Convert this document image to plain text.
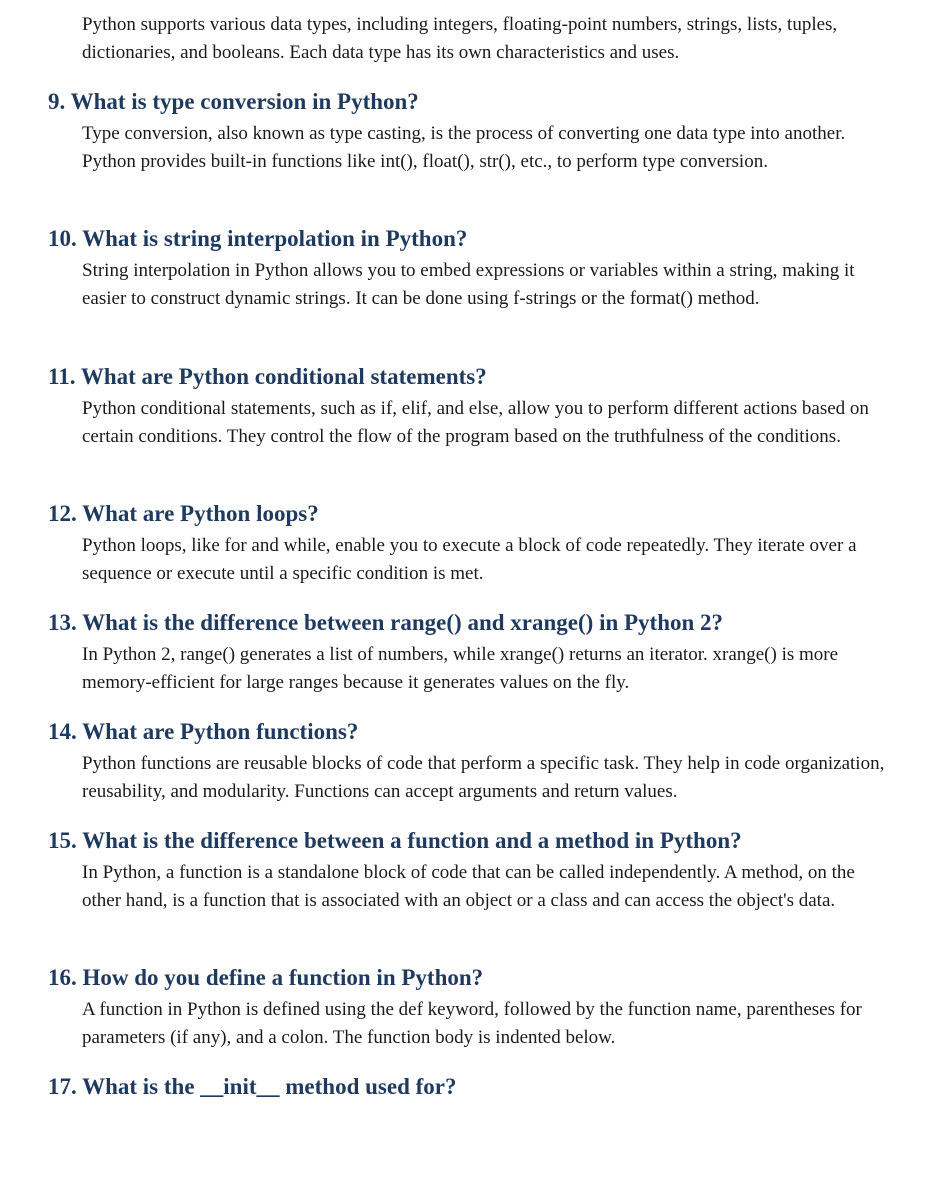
Python supports various data types, including integers, floating-point numbers, strings, lists, tuples, dictionaries, and booleans. Each data type has its own characteristics and uses.

9. What is type conversion in Python?

Type conversion, also known as type casting, is the process of converting one data type into another. Python provides built-in functions like int(), float(), str(), etc., to perform type conversion.

10. What is string interpolation in Python?

String interpolation in Python allows you to embed expressions or variables within a string, making it easier to construct dynamic strings. It can be done using f-strings or the format() method.

11. What are Python conditional statements?

Python conditional statements, such as if, elif, and else, allow you to perform different actions based on certain conditions. They control the flow of the program based on the truthfulness of the conditions.

12. What are Python loops?

Python loops, like for and while, enable you to execute a block of code repeatedly. They iterate over a sequence or execute until a specific condition is met.

13. What is the difference between range() and xrange() in Python 2?

In Python 2, range() generates a list of numbers, while xrange() returns an iterator. xrange() is more memory-efficient for large ranges because it generates values on the fly.

14. What are Python functions?

Python functions are reusable blocks of code that perform a specific task. They help in code organization, reusability, and modularity. Functions can accept arguments and return values.

15. What is the difference between a function and a method in Python?

In Python, a function is a standalone block of code that can be called independently. A method, on the other hand, is a function that is associated with an object or a class and can access the object's data.

16. How do you define a function in Python?

A function in Python is defined using the def keyword, followed by the function name, parentheses for parameters (if any), and a colon. The function body is indented below.

17. What is the __init__ method used for?
